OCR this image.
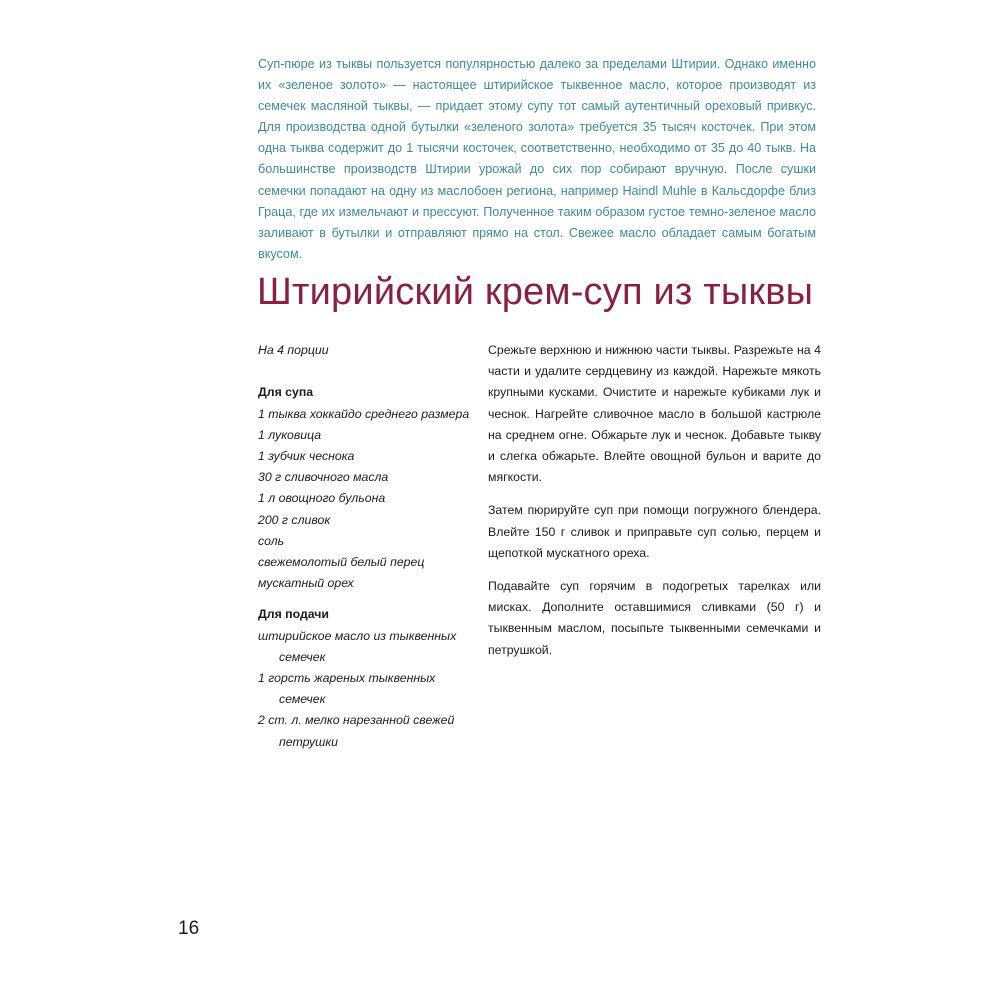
Суп-пюре из тыквы пользуется популярностью далеко за пределами Штирии. Однако именно их «зеленое золото» — настоящее штирийское тыквенное масло, которое производят из семечек масляной тыквы, — придает этому супу тот самый аутентичный ореховый привкус. Для производства одной бутылки «зеленого золота» требуется 35 тысяч косточек. При этом одна тыква содержит до 1 тысячи косточек, соответственно, необходимо от 35 до 40 тыкв. На большинстве производств Штирии урожай до сих пор собирают вручную. После сушки семечки попадают на одну из маслобоен региона, например Haindl Muhle в Кальсдорфе близ Граца, где их измельчают и прессуют. Полученное таким образом густое темно-зеленое масло заливают в бутылки и отправляют прямо на стол. Свежее масло обладает самым богатым вкусом.

Штирийский крем-суп из тыквы

На 4 порции

Для супа

1 тыква хоккайдо среднего размера
1 луковица
1 зубчик чеснока
30 г сливочного масла
1 л овощного бульона
200 г сливок
соль
свежемолотый белый перец
мускатный орех

Для подачи

штирийское масло из тыквенных семечек
1 горсть жареных тыквенных семечек
2 ст. л. мелко нарезанной свежей петрушки

Срежьте верхнюю и нижнюю части тыквы. Разрежьте на 4 части и удалите сердцевину из каждой. Нарежьте мякоть крупными кусками. Очистите и нарежьте кубиками лук и чеснок. Нагрейте сливочное масло в большой кастрюле на среднем огне. Обжарьте лук и чеснок. Добавьте тыкву и слегка обжарьте. Влейте овощной бульон и варите до мягкости.

Затем пюрируйте суп при помощи погружного блендера. Влейте 150 г сливок и приправьте суп солью, перцем и щепоткой мускатного ореха.

Подавайте суп горячим в подогретых тарелках или мисках. Дополните оставшимися сливками (50 г) и тыквенным маслом, посыпьте тыквенными семечками и петрушкой.

16
